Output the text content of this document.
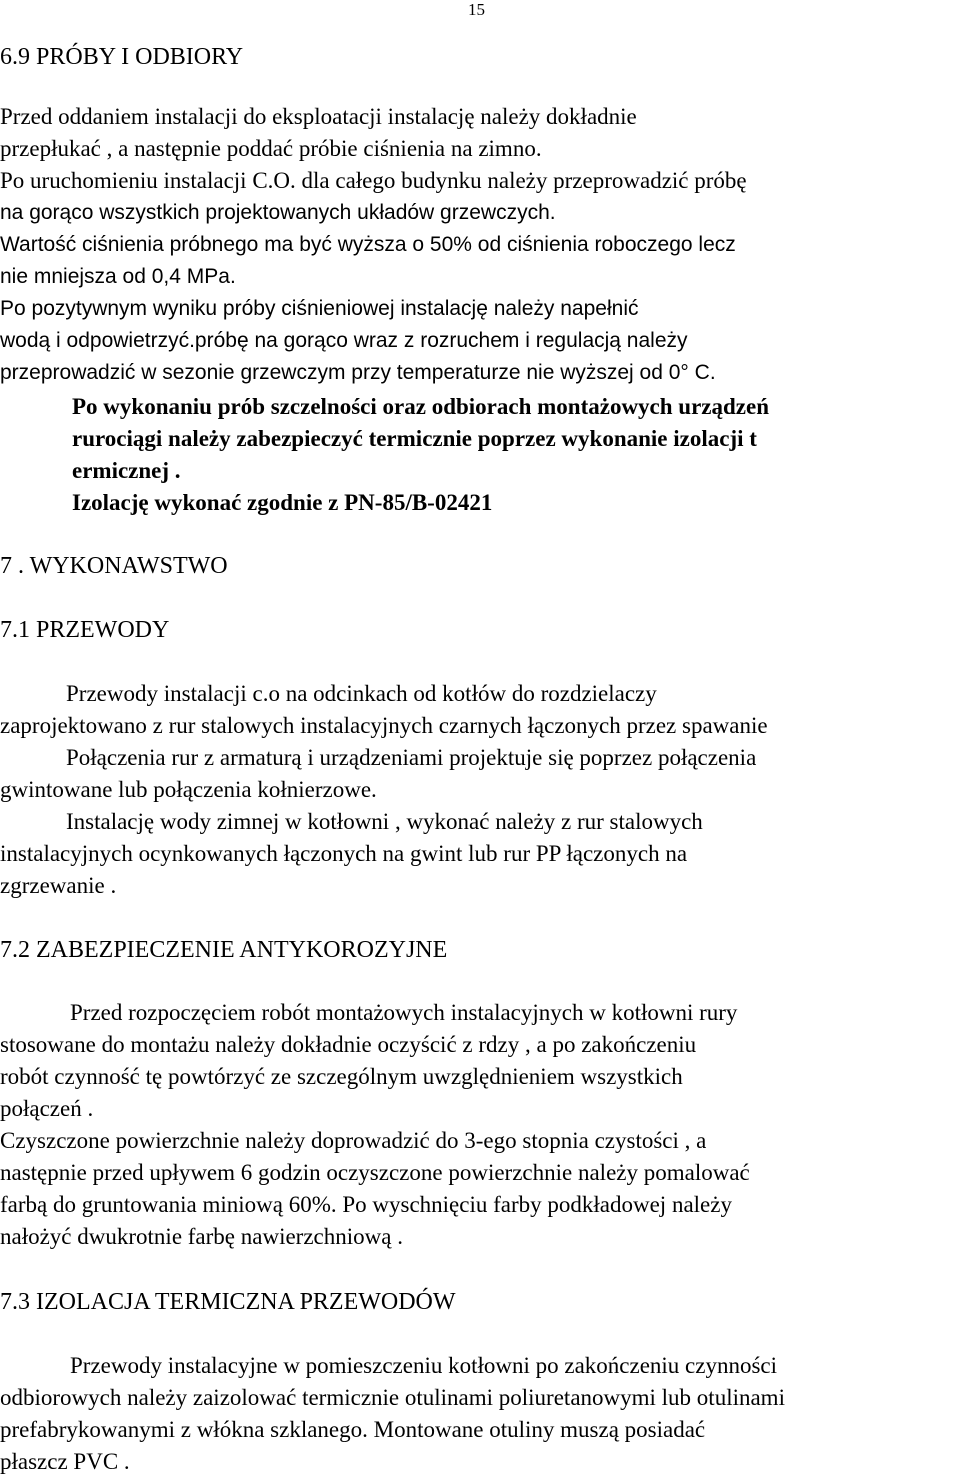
15
6.9 PRÓBY I ODBIORY
Przed oddaniem instalacji do eksploatacji instalację należy dokładnie
przepłukać , a następnie poddać próbie ciśnienia na zimno.
Po uruchomieniu instalacji C.O. dla całego budynku należy przeprowadzić próbę
na gorąco wszystkich projektowanych układów grzewczych.
Wartość ciśnienia próbnego ma być wyższa o 50% od ciśnienia roboczego lecz
nie mniejsza od 0,4 MPa.
Po pozytywnym wyniku próby ciśnieniowej instalację należy napełnić
wodą i odpowietrzyć.próbę na gorąco wraz z rozruchem i regulacją należy
przeprowadzić w sezonie grzewczym przy temperaturze nie wyższej od 0° C.
Po wykonaniu prób szczelności oraz odbiorach montażowych urządzeń
rurociągi należy zabezpieczyć termicznie poprzez wykonanie izolacji t
ermicznej .
Izolację wykonać zgodnie z PN-85/B-02421
7 . WYKONAWSTWO
7.1 PRZEWODY
Przewody instalacji c.o na odcinkach od kotłów do rozdzielaczy
zaprojektowano z rur stalowych instalacyjnych czarnych łączonych przez spawanie
Połączenia rur z armaturą i urządzeniami projektuje się poprzez połączenia
gwintowane lub połączenia kołnierzowe.
Instalację wody zimnej w kotłowni , wykonać należy z rur stalowych
instalacyjnych ocynkowanych łączonych na gwint lub rur PP łączonych na
zgrzewanie .
7.2 ZABEZPIECZENIE ANTYKOROZYJNE
Przed rozpoczęciem robót montażowych instalacyjnych w kotłowni rury
stosowane do montażu należy dokładnie oczyścić z rdzy , a po zakończeniu
robót czynność tę powtórzyć ze szczególnym uwzględnieniem wszystkich
połączeń .
Czyszczone powierzchnie należy doprowadzić do 3-ego stopnia czystości , a
następnie przed upływem 6 godzin oczyszczone powierzchnie należy pomalować
farbą do gruntowania miniową 60%. Po wyschnięciu farby podkładowej należy
nałożyć dwukrotnie farbę nawierzchniową .
7.3 IZOLACJA TERMICZNA PRZEWODÓW
Przewody instalacyjne w pomieszczeniu kotłowni po zakończeniu czynności
odbiorowych należy zaizolować termicznie otulinami poliuretanowymi lub otulinami
prefabrykowanymi z włókna szklanego. Montowane otuliny muszą posiadać
płaszcz PVC .
